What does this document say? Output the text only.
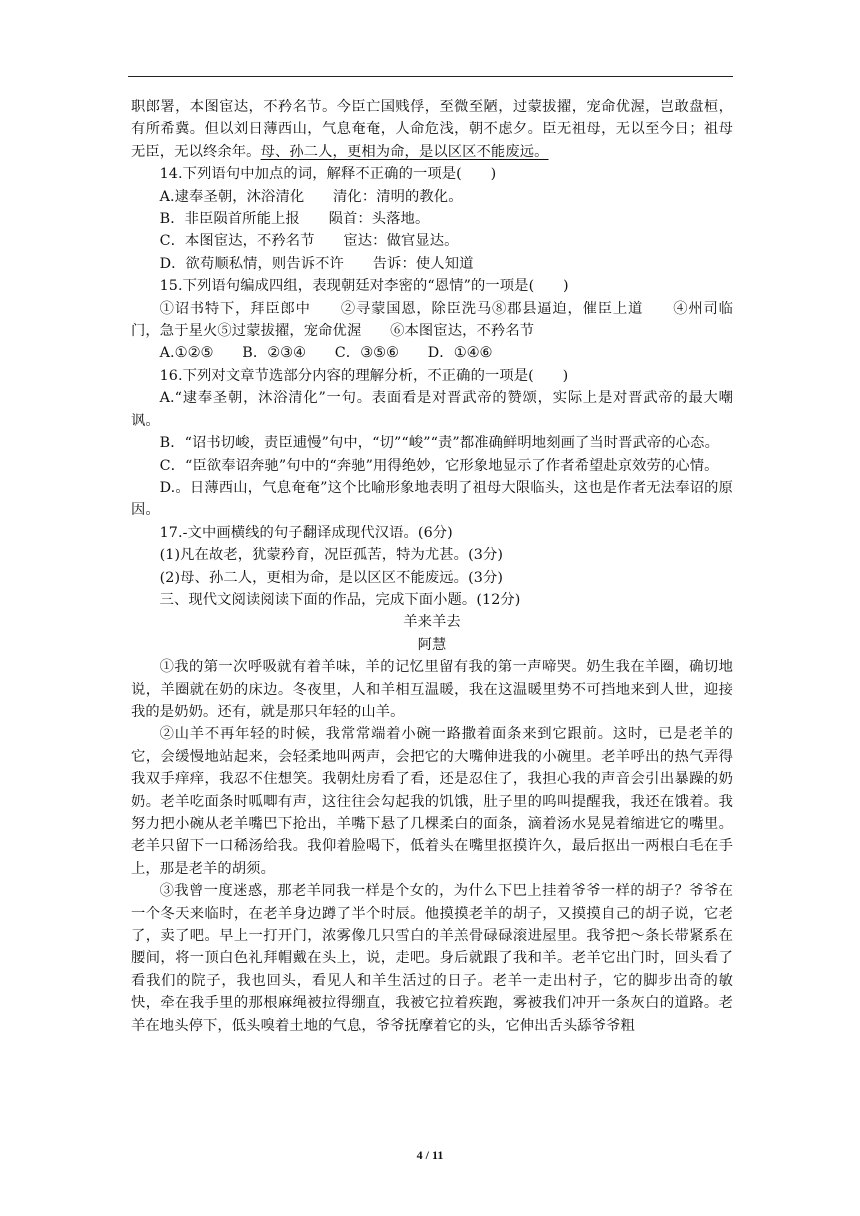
职郎署，本图宦达，不矜名节。今臣亡国贱俘，至微至陋，过蒙拔擢，宠命优渥，岂敢盘桓，有所希冀。但以刘日薄西山，气息奄奄，人命危浅，朝不虑夕。臣无祖母，无以至今日；祖母无臣，无以终余年。母、孙二人，更相为命，是以区区不能废远。

14.下列语句中加点的词，解释不正确的一项是(　　)

A.逮奉圣朝，沐浴清化　　清化：清明的教化。

B．非臣陨首所能上报　　陨首：头落地。

C．本图宦达，不矜名节　　宦达：做官显达。

D．欲苟顺私情，则告诉不许　　告诉：使人知道

15.下列语句编成四组，表现朝廷对李密的“恩情”的一项是(　　)

①诏书特下，拜臣郎中　　②寻蒙国恩，除臣洗马⑧郡县逼迫，催臣上道　　④州司临门，急于星火⑤过蒙拔擢，宠命优渥　　⑥本图宦达，不矜名节

A.①②⑤　　B．②③④　　C．③⑤⑥　　D．①④⑥

16.下列对文章节选部分内容的理解分析，不正确的一项是(　　)

A.“逮奉圣朝，沐浴清化”一句。表面看是对晋武帝的赞颂，实际上是对晋武帝的最大嘲讽。

B．“诏书切峻，责臣逋慢”句中，“切”“峻”“责”都准确鲜明地刻画了当时晋武帝的心态。

C．“臣欲奉诏奔驰”句中的“奔驰”用得绝妙，它形象地显示了作者希望赴京效劳的心情。

D.。日薄西山，气息奄奄”这个比喻形象地表明了祖母大限临头，这也是作者无法奉诏的原因。

17.-文中画横线的句子翻译成现代汉语。(6分)

(1)凡在故老，犹蒙矜育，况臣孤苦，特为尤甚。(3分)

(2)母、孙二人，更相为命，是以区区不能废远。(3分)

三、现代文阅读阅读下面的作品，完成下面小题。(12分)

羊来羊去

阿慧

①我的第一次呼吸就有着羊味，羊的记忆里留有我的第一声啼哭。奶生我在羊圈，确切地说，羊圈就在奶的床边。冬夜里，人和羊相互温暖，我在这温暖里势不可挡地来到人世，迎接我的是奶奶。还有，就是那只年轻的山羊。

②山羊不再年轻的时候，我常常端着小碗一路撒着面条来到它跟前。这时，已是老羊的它，会缓慢地站起来，会轻柔地叫两声，会把它的大嘴伸进我的小碗里。老羊呼出的热气弄得我双手痒痒，我忍不住想笑。我朝灶房看了看，还是忍住了，我担心我的声音会引出暴躁的奶奶。老羊吃面条时呱唧有声，这往往会勾起我的饥饿，肚子里的呜叫提醒我，我还在饿着。我努力把小碗从老羊嘴巴下抢出，羊嘴下悬了几棵柔白的面条，滴着汤水晃晃着缩进它的嘴里。老羊只留下一口稀汤给我。我仰着脸喝下，低着头在嘴里抠摸许久，最后抠出一两根白毛在手上，那是老羊的胡须。

③我曾一度迷惑，那老羊同我一样是个女的，为什么下巴上挂着爷爷一样的胡子？爷爷在一个冬天来临时，在老羊身边蹲了半个时辰。他摸摸老羊的胡子，又摸摸自己的胡子说，它老了，卖了吧。早上一打开门，浓雾像几只雪白的羊羔骨碌碌滚进屋里。我爷把～条长带紧系在腰间，将一顶白色礼拜帽戴在头上，说，走吧。身后就跟了我和羊。老羊它出门时，回头看了看我们的院子，我也回头，看见人和羊生活过的日子。老羊一走出村子，它的脚步出奇的敏快，牵在我手里的那根麻绳被拉得绷直，我被它拉着疾跑，雾被我们冲开一条灰白的道路。老羊在地头停下，低头嗅着土地的气息，爷爷抚摩着它的头，它伸出舌头舔爷爷粗

4 / 11
